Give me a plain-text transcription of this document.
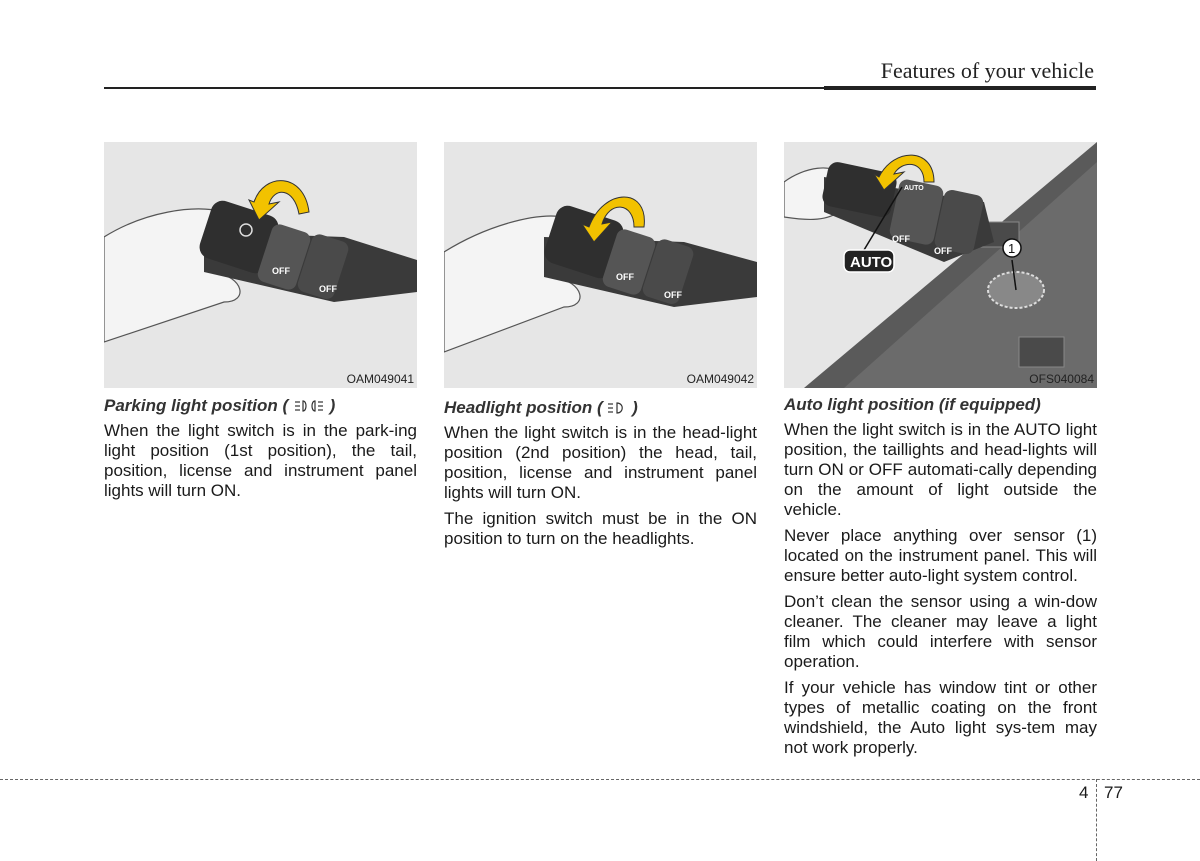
Features of your vehicle
OFF
OFF
OAM049041
OFF
OFF
OAM049042
AUTO
AUTO
OFF
OFF	1
OFS040084
Parking light position ( )

When the light switch is in the park-ing light position (1st position), the tail, position, license and instrument panel lights will turn ON.

Headlight position ( )

When the light switch is in the head-light position (2nd position) the head, tail, position, license and instrument panel lights will turn ON.

The ignition switch must be in the ON position to turn on the headlights.

Auto light position (if equipped)

When the light switch is in the AUTO light position, the taillights and head-lights will turn ON or OFF automati-cally depending on the amount of light outside the vehicle.

Never place anything over sensor (1) located on the instrument panel. This will ensure better auto-light system control.

Don’t clean the sensor using a win-dow cleaner. The cleaner may leave a light film which could interfere with sensor operation.

If your vehicle has window tint or other types of metallic coating on the front windshield, the Auto light sys-tem may not work properly.

4 77
